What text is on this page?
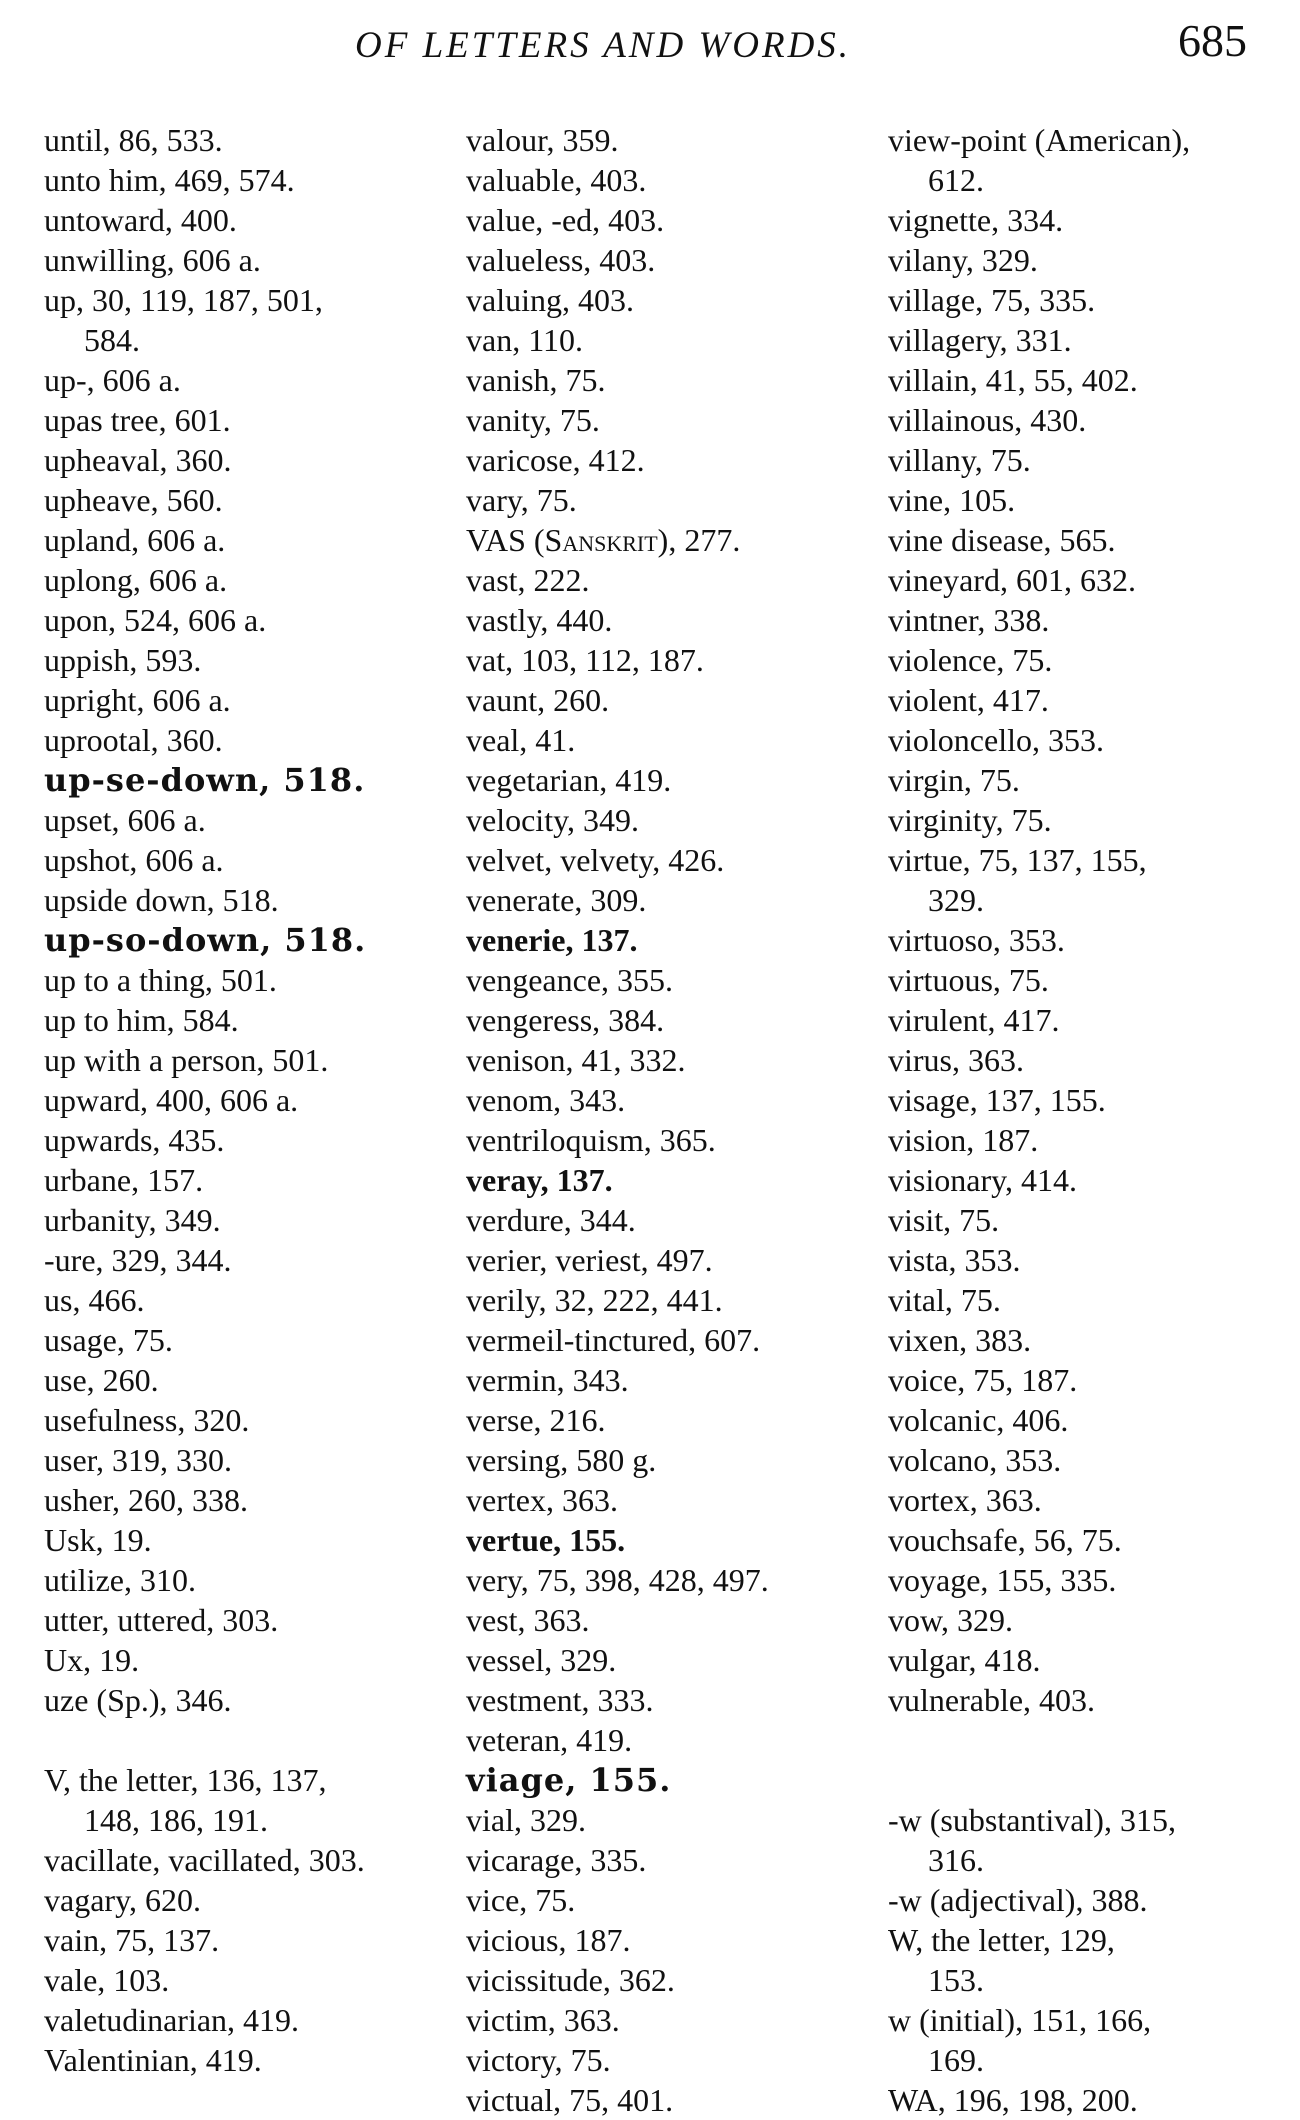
OF LETTERS AND WORDS.	685
until, 86, 533.
unto him, 469, 574.
untoward, 400.
unwilling, 606 a.
up, 30, 119, 187, 501,
584.
up-, 606 a.
upas tree, 601.
upheaval, 360.
upheave, 560.
upland, 606 a.
uplong, 606 a.
upon, 524, 606 a.
uppish, 593.
upright, 606 a.
uprootal, 360.
up-se-down, 518.
upset, 606 a.
upshot, 606 a.
upside down, 518.
up-so-down, 518.
up to a thing, 501.
up to him, 584.
up with a person, 501.
upward, 400, 606 a.
upwards, 435.
urbane, 157.
urbanity, 349.
-ure, 329, 344.
us, 466.
usage, 75.
use, 260.
usefulness, 320.
user, 319, 330.
usher, 260, 338.
Usk, 19.
utilize, 310.
utter, uttered, 303.
Ux, 19.
uze (Sp.), 346.
V, the letter, 136, 137,
148, 186, 191.
vacillate, vacillated, 303.
vagary, 620.
vain, 75, 137.
vale, 103.
valetudinarian, 419.
Valentinian, 419.
valour, 359.
valuable, 403.
value, -ed, 403.
valueless, 403.
valuing, 403.
van, 110.
vanish, 75.
vanity, 75.
varicose, 412.
vary, 75.
VAS (Sanskrit), 277.
vast, 222.
vastly, 440.
vat, 103, 112, 187.
vaunt, 260.
veal, 41.
vegetarian, 419.
velocity, 349.
velvet, velvety, 426.
venerate, 309.
venerie, 137.
vengeance, 355.
vengeress, 384.
venison, 41, 332.
venom, 343.
ventriloquism, 365.
veray, 137.
verdure, 344.
verier, veriest, 497.
verily, 32, 222, 441.
vermeil-tinctured, 607.
vermin, 343.
verse, 216.
versing, 580 g.
vertex, 363.
vertue, 155.
very, 75, 398, 428, 497.
vest, 363.
vessel, 329.
vestment, 333.
veteran, 419.
viage, 155.
vial, 329.
vicarage, 335.
vice, 75.
vicious, 187.
vicissitude, 362.
victim, 363.
victory, 75.
victual, 75, 401.
view-point (American),
612.
vignette, 334.
vilany, 329.
village, 75, 335.
villagery, 331.
villain, 41, 55, 402.
villainous, 430.
villany, 75.
vine, 105.
vine disease, 565.
vineyard, 601, 632.
vintner, 338.
violence, 75.
violent, 417.
violoncello, 353.
virgin, 75.
virginity, 75.
virtue, 75, 137, 155,
329.
virtuoso, 353.
virtuous, 75.
virulent, 417.
virus, 363.
visage, 137, 155.
vision, 187.
visionary, 414.
visit, 75.
vista, 353.
vital, 75.
vixen, 383.
voice, 75, 187.
volcanic, 406.
volcano, 353.
vortex, 363.
vouchsafe, 56, 75.
voyage, 155, 335.
vow, 329.
vulgar, 418.
vulnerable, 403.
-w (substantival), 315,
316.
-w (adjectival), 388.
W, the letter, 129,
153.
w (initial), 151, 166,
169.
WA, 196, 198, 200.
